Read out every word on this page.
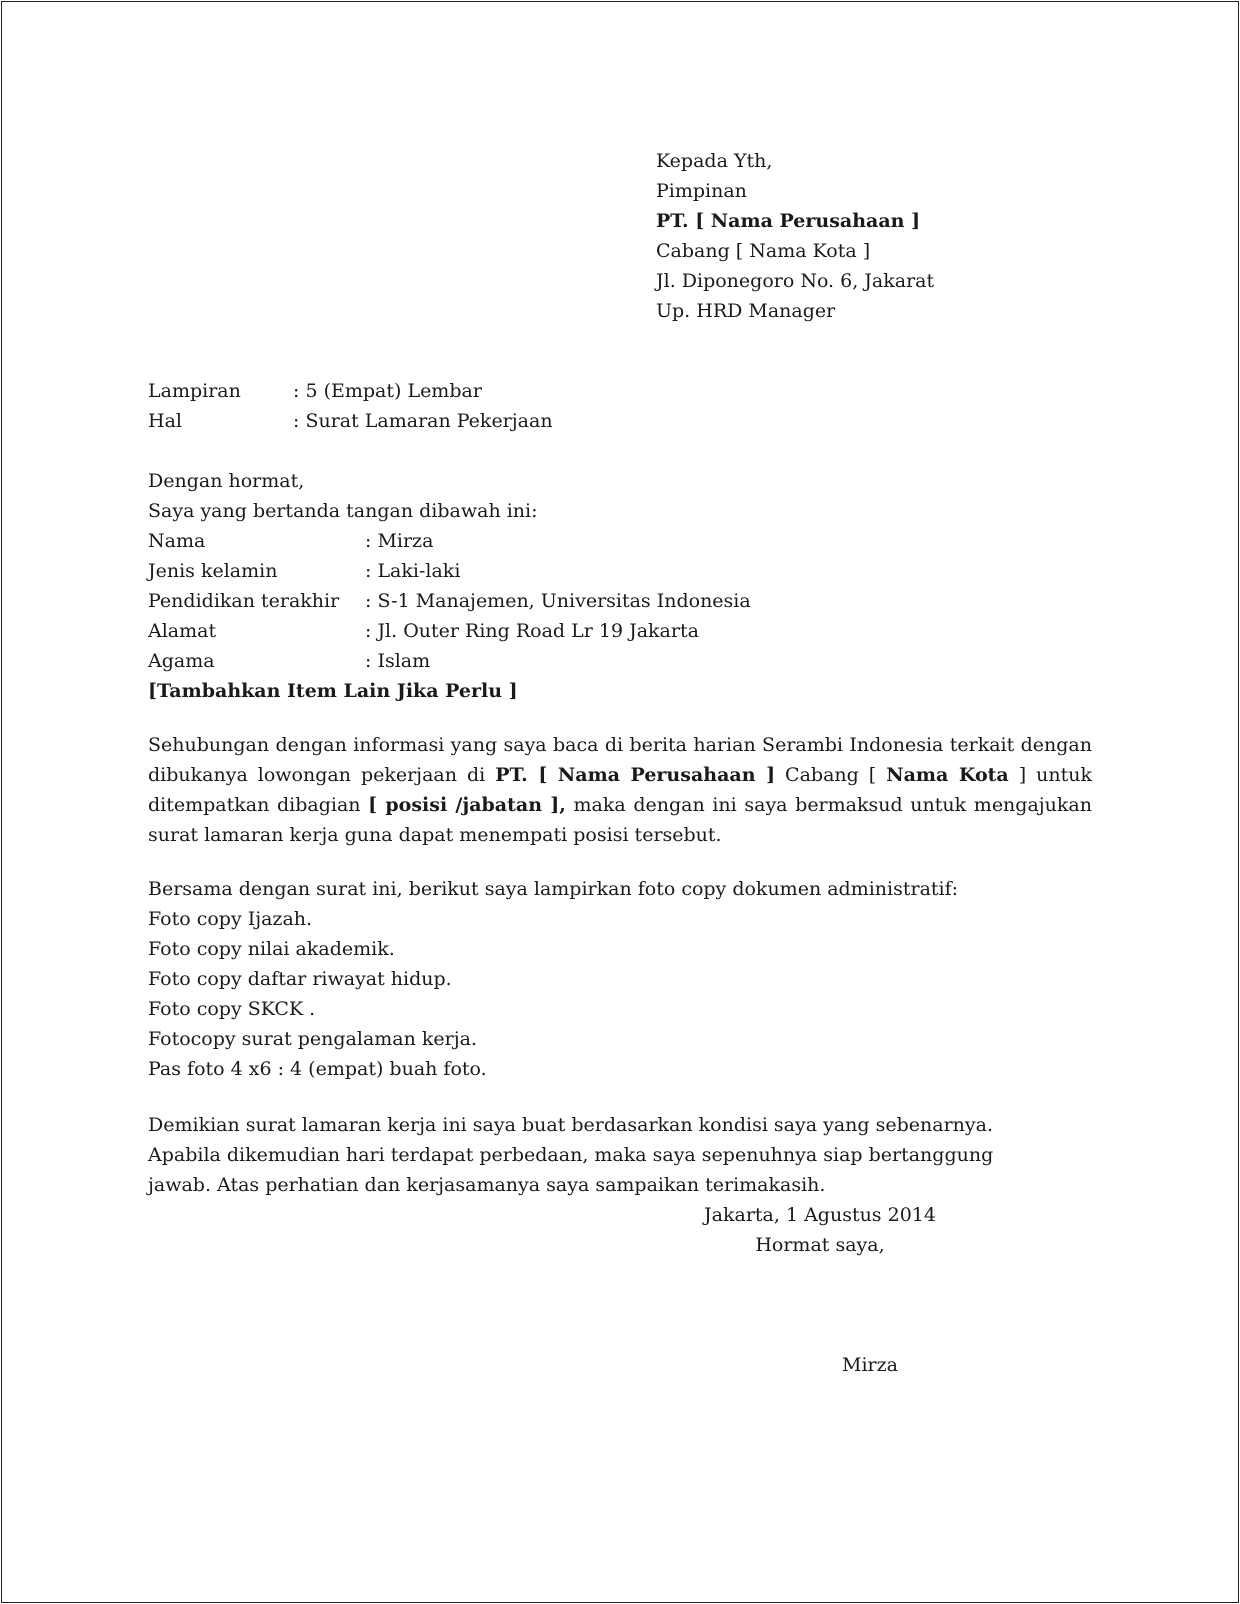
Kepada Yth,
Pimpinan
PT. [ Nama Perusahaan ]
Cabang [ Nama Kota ]
Jl. Diponegoro No. 6, Jakarat
Up. HRD Manager
Lampiran	: 5 (Empat) Lembar
Hal	: Surat Lamaran Pekerjaan
Dengan hormat,
Saya yang bertanda tangan dibawah ini:
Nama	: Mirza
Jenis kelamin	: Laki-laki
Pendidikan terakhir	: S-1 Manajemen, Universitas Indonesia
Alamat	: Jl. Outer Ring Road Lr 19 Jakarta
Agama	: Islam
[Tambahkan Item Lain Jika Perlu ]
Sehubungan dengan informasi yang saya baca di berita harian Serambi Indonesia terkait dengan dibukanya lowongan pekerjaan di PT. [ Nama Perusahaan ] Cabang [ Nama Kota ] untuk ditempatkan dibagian [ posisi /jabatan ], maka dengan ini saya bermaksud untuk mengajukan surat lamaran kerja guna dapat menempati posisi tersebut.
Bersama dengan surat ini, berikut saya lampirkan foto copy dokumen administratif:
Foto copy Ijazah.
Foto copy nilai akademik.
Foto copy daftar riwayat hidup.
Foto copy SKCK .
Fotocopy surat pengalaman kerja.
Pas foto 4 x6 : 4 (empat) buah foto.
Demikian surat lamaran kerja ini saya buat berdasarkan kondisi saya yang sebenarnya. Apabila dikemudian hari terdapat perbedaan, maka saya sepenuhnya siap bertanggung jawab. Atas perhatian dan kerjasamanya saya sampaikan terimakasih.
Jakarta, 1 Agustus 2014
Hormat saya,
Mirza
